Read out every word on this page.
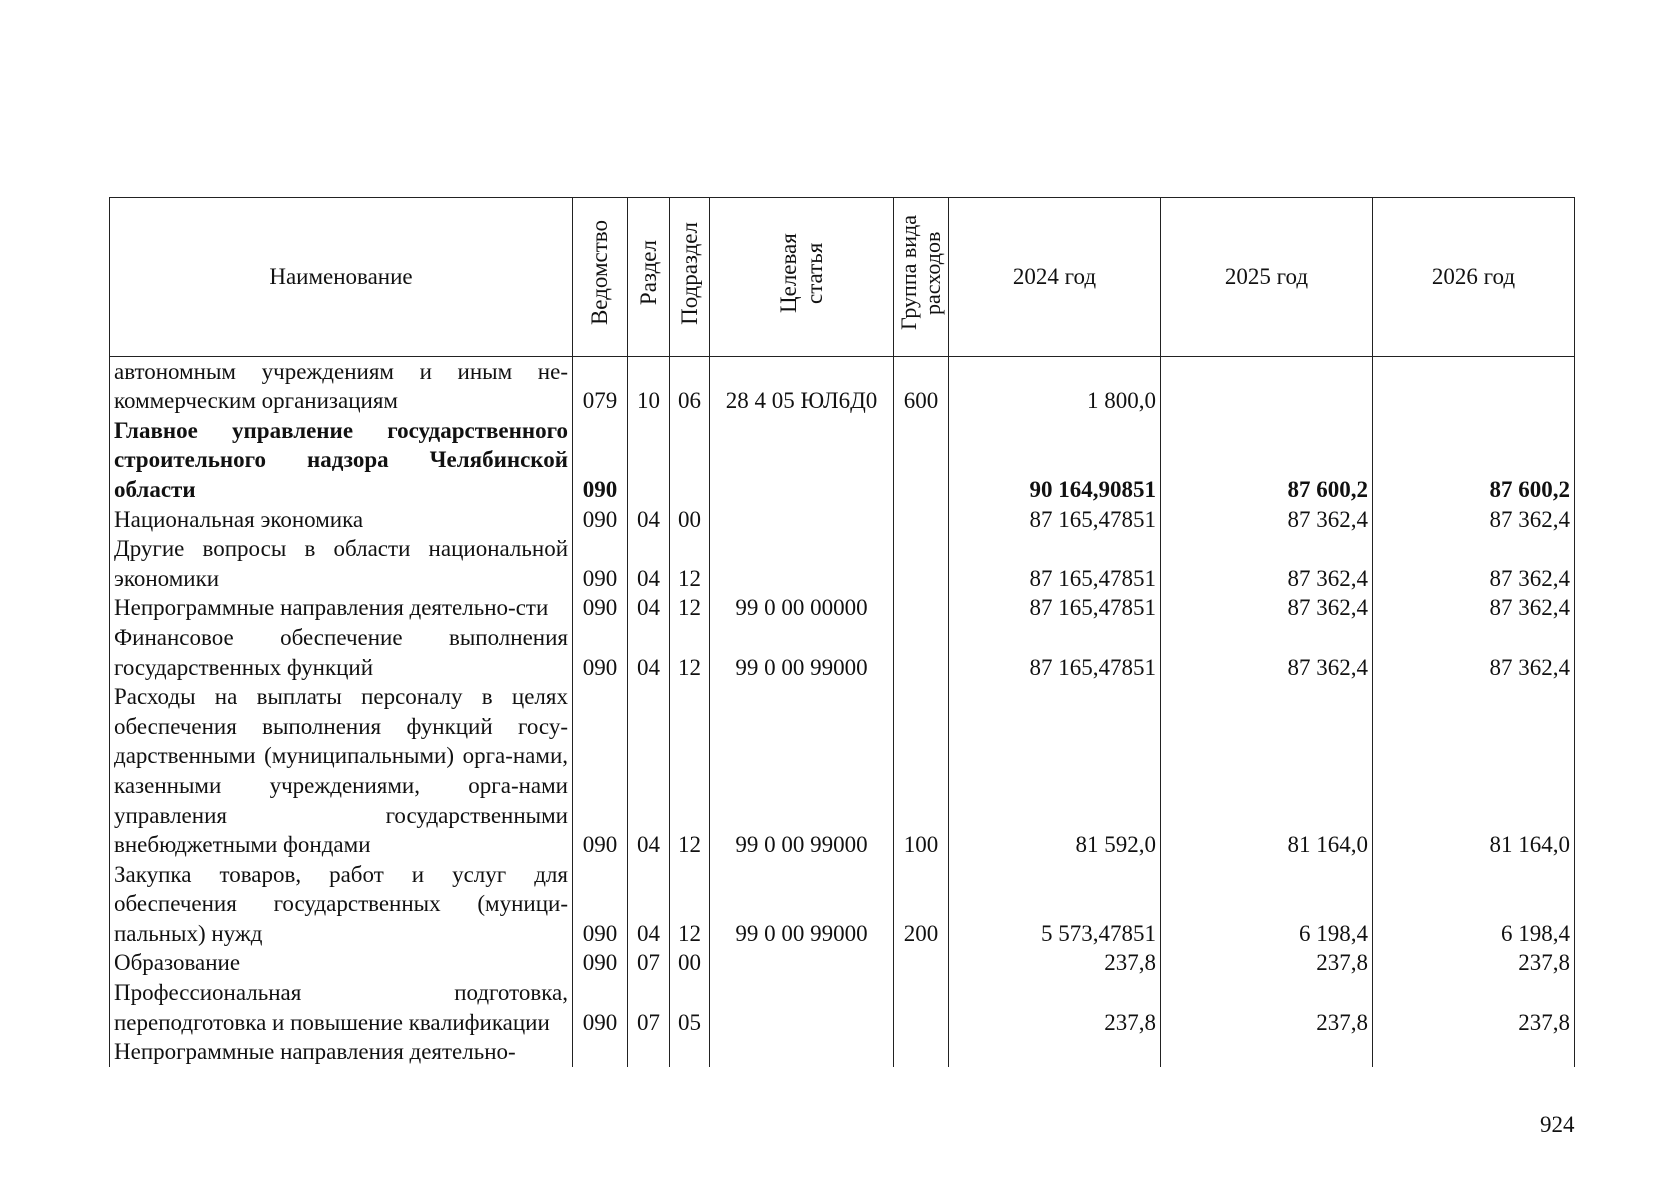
Наименование	Ведомство	Раздел	Подраздел	Целевая статья	Группа вида расходов	2024 год	2025 год	2026 год
автономным учреждениям и иным не-коммерческим организациям	079	10	06	28 4 05 ЮЛ6Д0	600	1 800,0		
Главное управление государственного строительного надзора Челябинской области	090					90 164,90851	87 600,2	87 600,2
Национальная экономика	090	04	00			87 165,47851	87 362,4	87 362,4
Другие вопросы в области национальной экономики	090	04	12			87 165,47851	87 362,4	87 362,4
Непрограммные направления деятельно-сти	090	04	12	99 0 00 00000		87 165,47851	87 362,4	87 362,4
Финансовое обеспечение выполнения государственных функций	090	04	12	99 0 00 99000		87 165,47851	87 362,4	87 362,4
Расходы на выплаты персоналу в целях обеспечения выполнения функций госу-дарственными (муниципальными) орга-нами, казенными учреждениями, орга-нами управления государственными внебюджетными фондами	090	04	12	99 0 00 99000	100	81 592,0	81 164,0	81 164,0
Закупка товаров, работ и услуг для обеспечения государственных (муници-пальных) нужд	090	04	12	99 0 00 99000	200	5 573,47851	6 198,4	6 198,4
Образование	090	07	00			237,8	237,8	237,8
Профессиональная подготовка, переподготовка и повышение квалификации	090	07	05			237,8	237,8	237,8
Непрограммные направления деятельно-								
924
